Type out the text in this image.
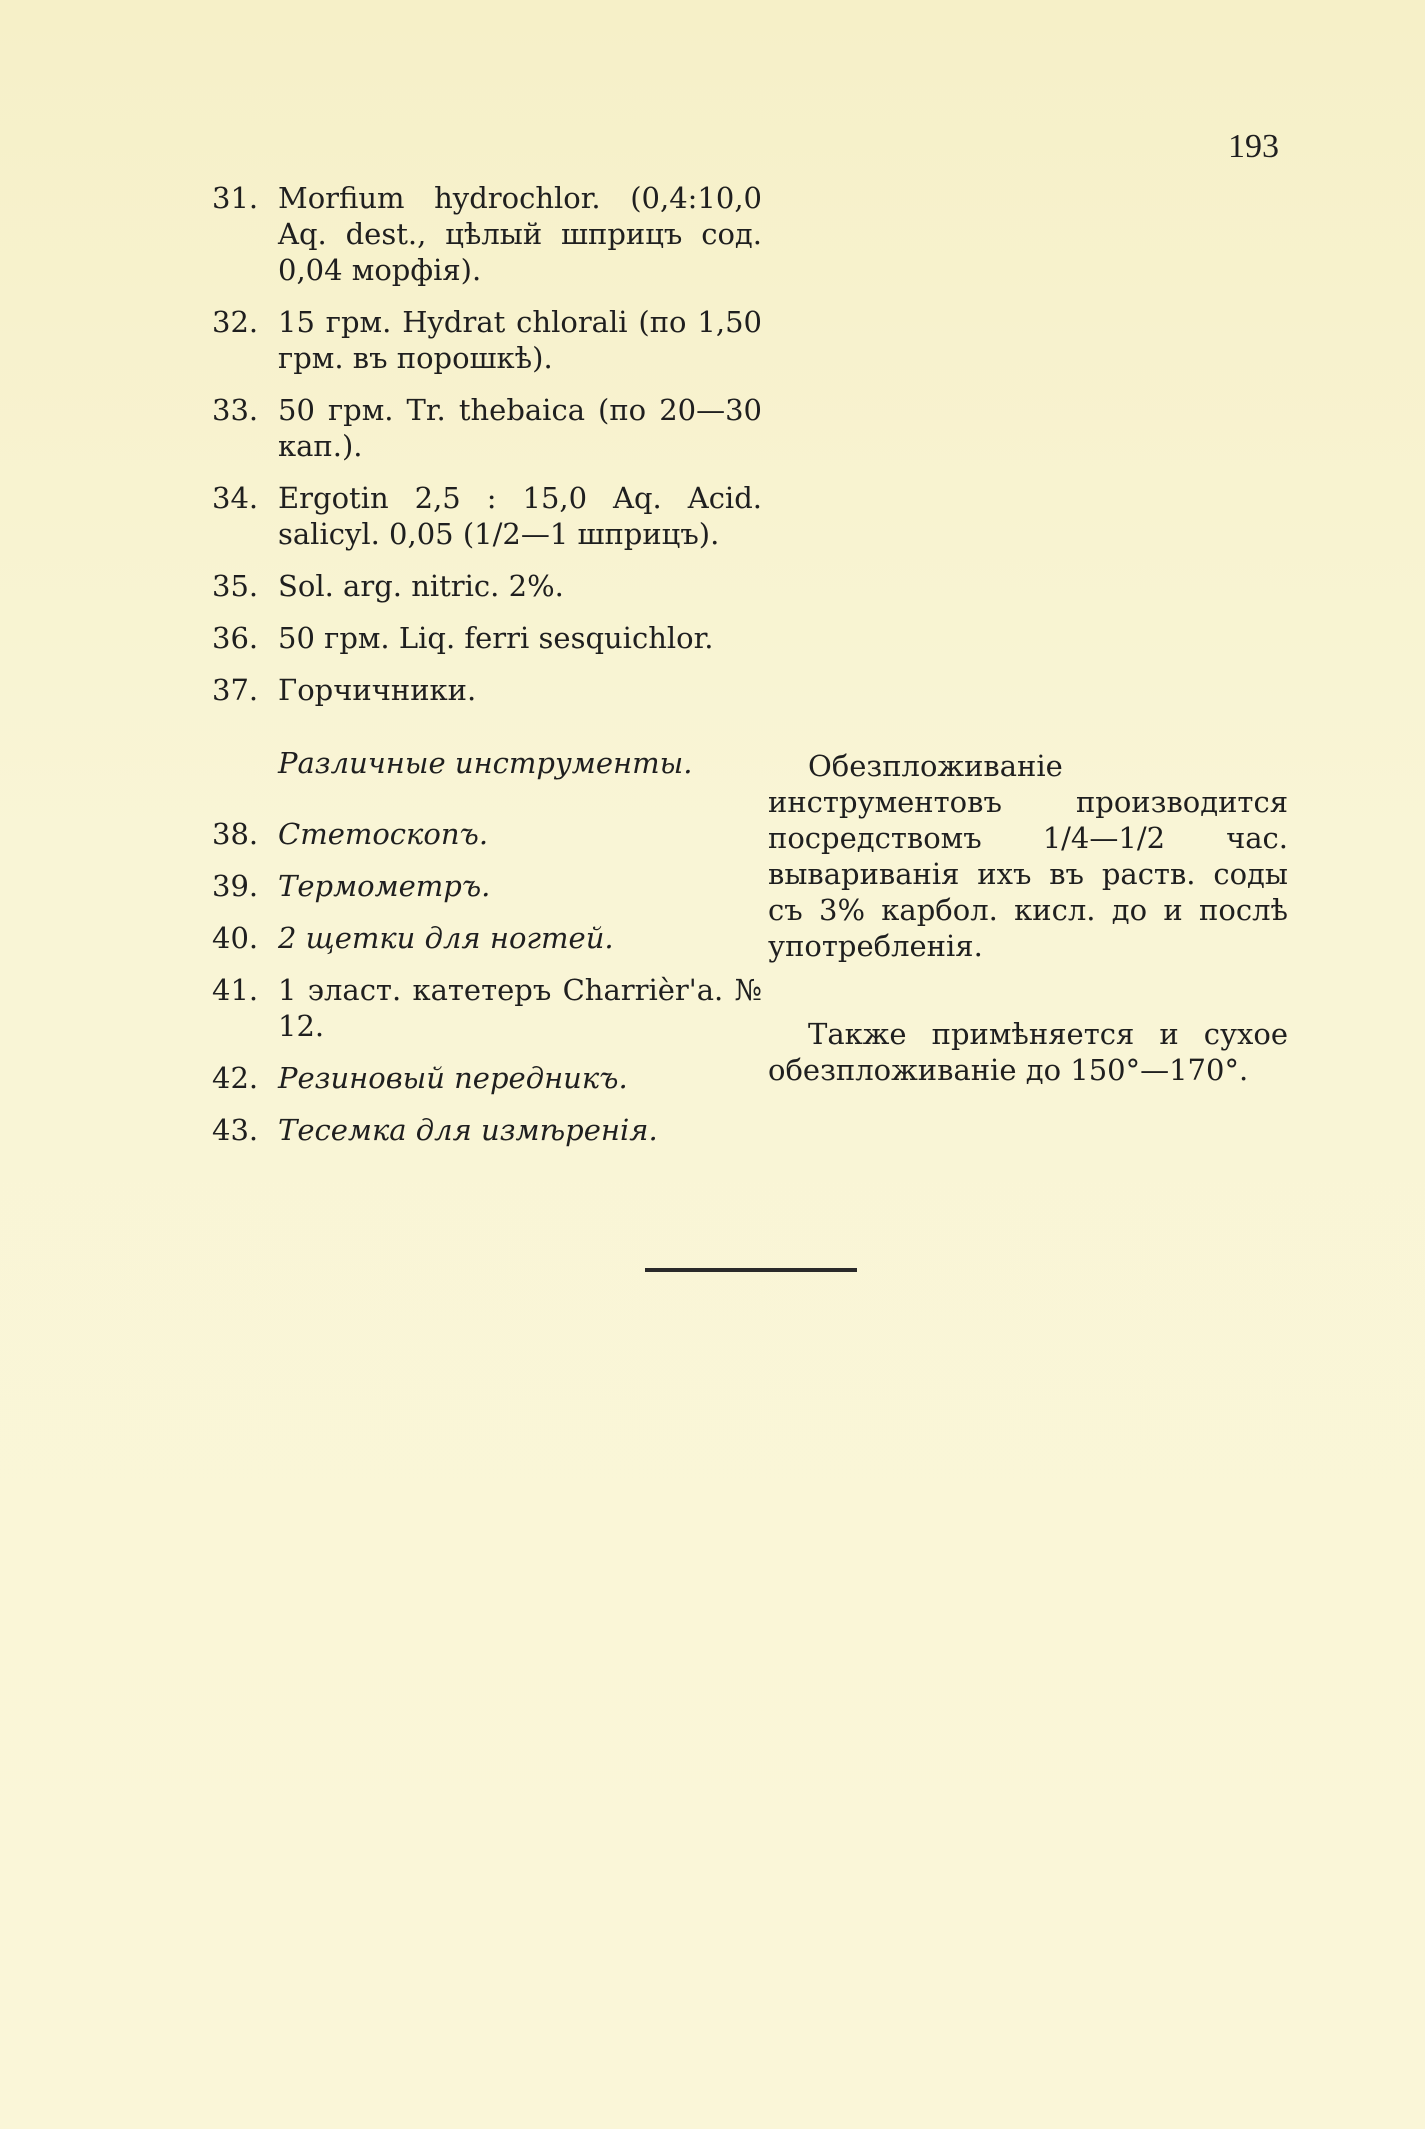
193
31. Morfium hydrochlor. (0,4:10,0 Aq. dest., цѣлый шприцъ сод. 0,04 морфія).
32. 15 грм. Hydrat chlorali (по 1,50 грм. въ порошкѣ).
33. 50 грм. Tr. thebaica (по 20—30 кап.).
34. Ergotin 2,5 : 15,0 Aq. Acid. salicyl. 0,05 (1/2—1 шприцъ).
35. Sol. arg. nitric. 2%.
36. 50 грм. Liq. ferri sesquichlor.
37. Горчичники.
Различные инструменты.
38. Стетоскопъ.
39. Термометръ.
40. 2 щетки для ногтей.
41. 1 эласт. катетеръ Charrièr'a. № 12.
42. Резиновый передникъ.
43. Тесемка для измѣренія.

Обезпложиваніе инструментовъ производится посредствомъ 1/4—1/2 час. вывариванія ихъ въ раств. соды съ 3% карбол. кисл. до и послѣ употребленія.

Также примѣняется и сухое обезпложиваніе до 150°—170°.
